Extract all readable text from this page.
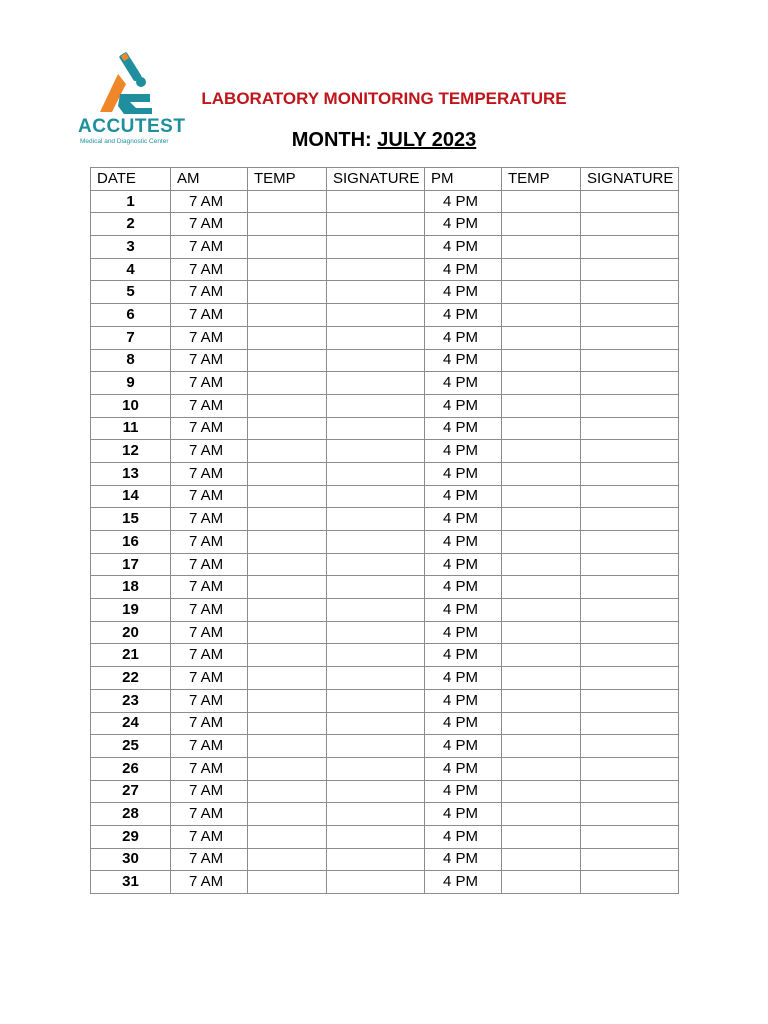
ACCUTEST
Medical and Diagnostic Center
LABORATORY MONITORING TEMPERATURE
MONTH: JULY 2023
DATE	AM	TEMP	SIGNATURE	PM	TEMP	SIGNATURE
1	7 AM			4 PM		
2	7 AM			4 PM		
3	7 AM			4 PM		
4	7 AM			4 PM		
5	7 AM			4 PM		
6	7 AM			4 PM		
7	7 AM			4 PM		
8	7 AM			4 PM		
9	7 AM			4 PM		
10	7 AM			4 PM		
11	7 AM			4 PM		
12	7 AM			4 PM		
13	7 AM			4 PM		
14	7 AM			4 PM		
15	7 AM			4 PM		
16	7 AM			4 PM		
17	7 AM			4 PM		
18	7 AM			4 PM		
19	7 AM			4 PM		
20	7 AM			4 PM		
21	7 AM			4 PM		
22	7 AM			4 PM		
23	7 AM			4 PM		
24	7 AM			4 PM		
25	7 AM			4 PM		
26	7 AM			4 PM		
27	7 AM			4 PM		
28	7 AM			4 PM		
29	7 AM			4 PM		
30	7 AM			4 PM		
31	7 AM			4 PM		
